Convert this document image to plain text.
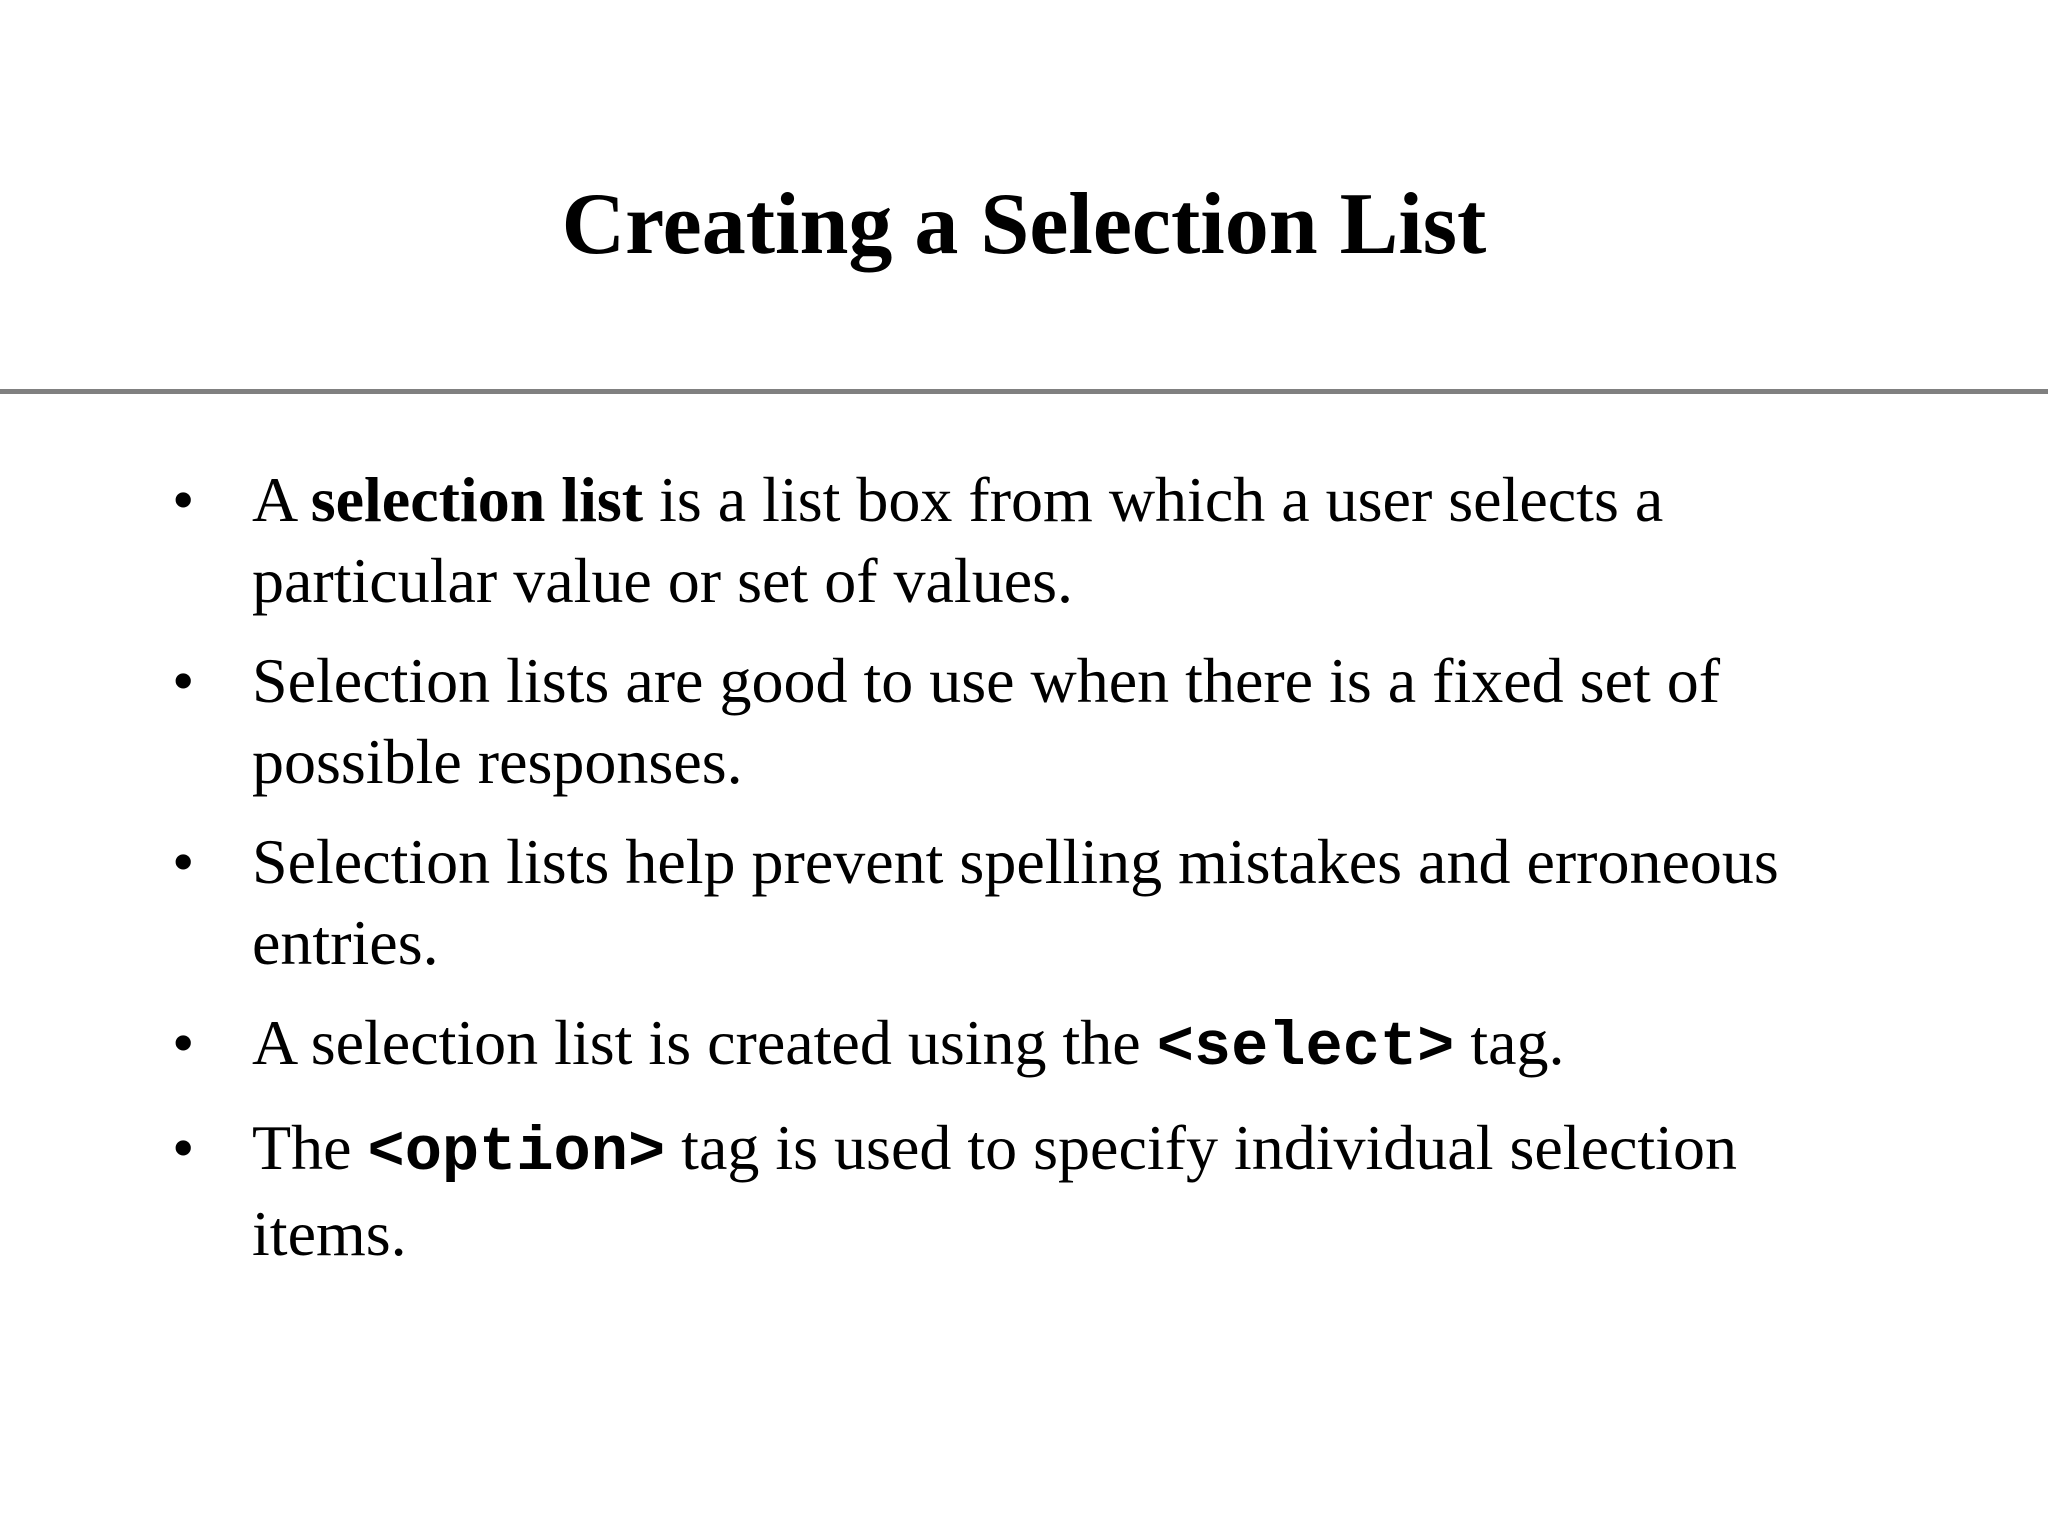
Creating a Selection List
• A selection list is a list box from which a user selects a particular value or set of values.
• Selection lists are good to use when there is a fixed set of possible responses.
• Selection lists help prevent spelling mistakes and erroneous entries.
• A selection list is created using the <select> tag.
• The <option> tag is used to specify individual selection items.
